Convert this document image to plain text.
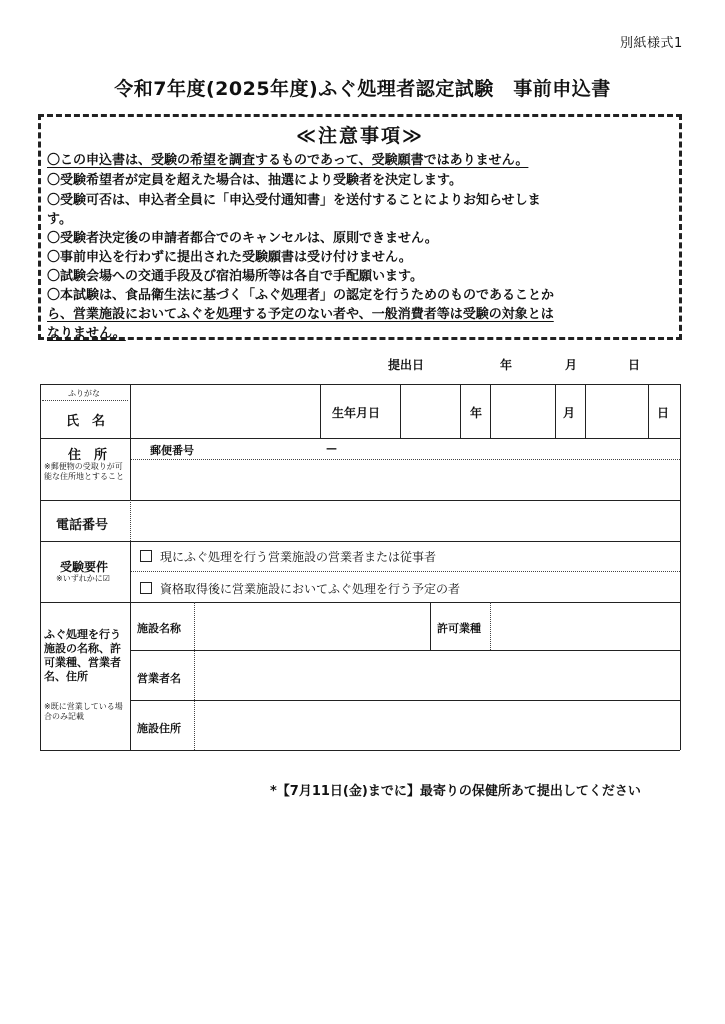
別紙様式1
令和7年度(2025年度)ふぐ処理者認定試験　事前申込書
≪注意事項≫
〇この申込書は、受験の希望を調査するものであって、受験願書ではありません。
〇受験希望者が定員を超えた場合は、抽選により受験者を決定します。
〇受験可否は、申込者全員に「申込受付通知書」を送付することによりお知らせしま
す。
〇受験者決定後の申請者都合でのキャンセルは、原則できません。
〇事前申込を行わずに提出された受験願書は受け付けません。
〇試験会場への交通手段及び宿泊場所等は各自で手配願います。
〇本試験は、食品衛生法に基づく「ふぐ処理者」の認定を行うためのものであることか
ら、営業施設においてふぐを処理する予定のない者や、一般消費者等は受験の対象とは
なりません。
提出日	年	月	日
ふりがな
氏　名
生年月日	年	月	日
住　所
※郵便物の受取りが可能な住所地とすること
郵便番号	—
電話番号
受験要件
※いずれかに☑
現にふぐ処理を行う営業施設の営業者または従事者
資格取得後に営業施設においてふぐ処理を行う予定の者
ふぐ処理を行う施設の名称、許可業種、営業者名、住所
※既に営業している場合のみ記載
施設名称	許可業種
営業者名
施設住所
*【7月11日(金)までに】最寄りの保健所あて提出してください
